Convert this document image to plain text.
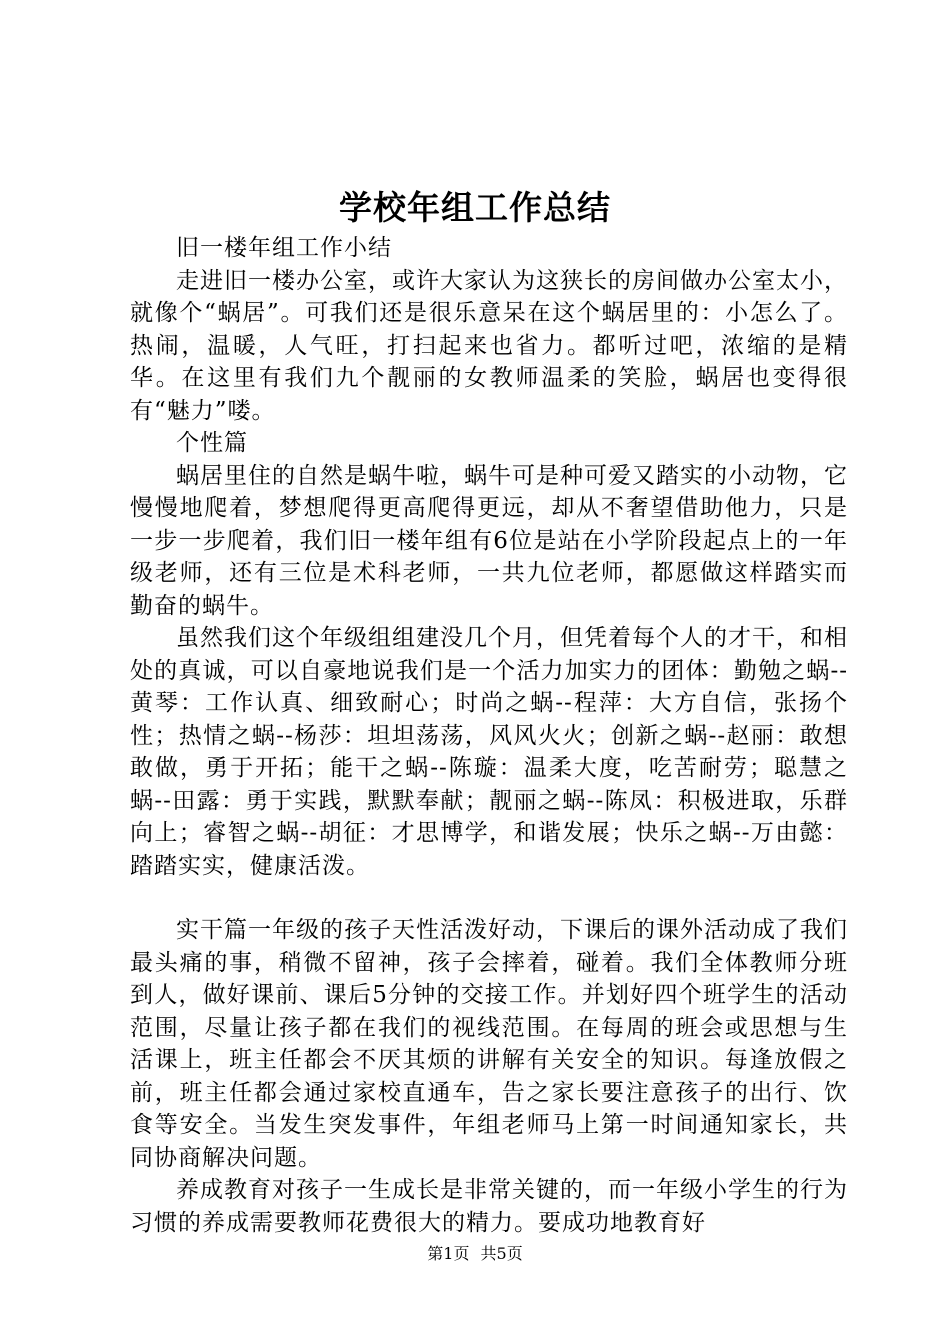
学校年组工作总结

旧一楼年组工作小结

走进旧一楼办公室，或许大家认为这狭长的房间做办公室太小，就像个“蜗居”。可我们还是很乐意呆在这个蜗居里的：小怎么了。热闹，温暖，人气旺，打扫起来也省力。都听过吧，浓缩的是精华。在这里有我们九个靓丽的女教师温柔的笑脸，蜗居也变得很有“魅力”喽。

个性篇

蜗居里住的自然是蜗牛啦，蜗牛可是种可爱又踏实的小动物，它慢慢地爬着，梦想爬得更高爬得更远，却从不奢望借助他力，只是一步一步爬着，我们旧一楼年组有6位是站在小学阶段起点上的一年级老师，还有三位是术科老师，一共九位老师，都愿做这样踏实而勤奋的蜗牛。

虽然我们这个年级组组建没几个月，但凭着每个人的才干，和相处的真诚，可以自豪地说我们是一个活力加实力的团体：勤勉之蜗--黄琴：工作认真、细致耐心；时尚之蜗--程萍：大方自信，张扬个性；热情之蜗--杨莎：坦坦荡荡，风风火火；创新之蜗--赵丽：敢想敢做，勇于开拓；能干之蜗--陈璇：温柔大度，吃苦耐劳；聪慧之蜗--田露：勇于实践，默默奉献；靓丽之蜗--陈凤：积极进取，乐群向上；睿智之蜗--胡征：才思博学，和谐发展；快乐之蜗--万由懿：踏踏实实，健康活泼。

实干篇一年级的孩子天性活泼好动，下课后的课外活动成了我们最头痛的事，稍微不留神，孩子会摔着，碰着。我们全体教师分班到人，做好课前、课后5分钟的交接工作。并划好四个班学生的活动范围，尽量让孩子都在我们的视线范围。在每周的班会或思想与生活课上，班主任都会不厌其烦的讲解有关安全的知识。每逢放假之前，班主任都会通过家校直通车，告之家长要注意孩子的出行、饮食等安全。当发生突发事件，年组老师马上第一时间通知家长，共同协商解决问题。

养成教育对孩子一生成长是非常关键的，而一年级小学生的行为习惯的养成需要教师花费很大的精力。要成功地教育好

第1页 共5页
